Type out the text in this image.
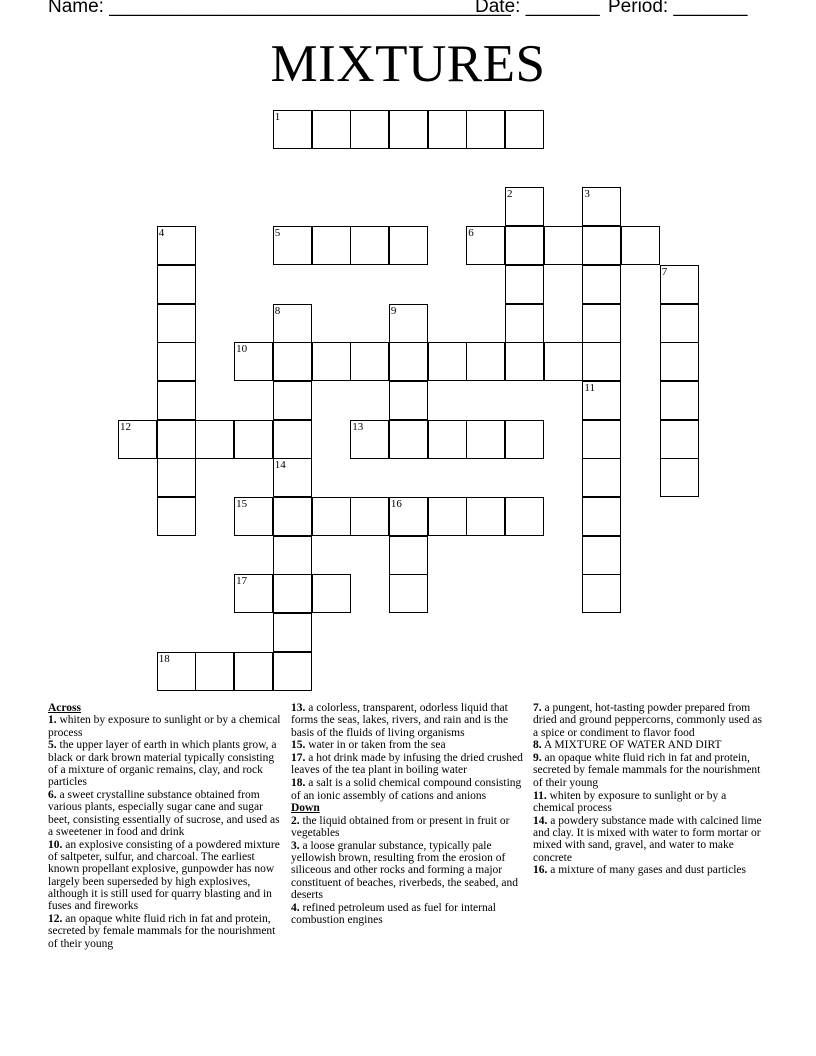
Name: ______________________________________
Date: _______ Period: _______
MIXTURES
1
2	3
4	5	6
7
8	9
10
11
12	13
14
15	16
17
18
Across
1. whiten by exposure to sunlight or by a chemical process
5. the upper layer of earth in which plants grow, a black or dark brown material typically consisting of a mixture of organic remains, clay, and rock particles
6. a sweet crystalline substance obtained from various plants, especially sugar cane and sugar beet, consisting essentially of sucrose, and used as a sweetener in food and drink
10. an explosive consisting of a powdered mixture of saltpeter, sulfur, and charcoal. The earliest known propellant explosive, gunpowder has now largely been superseded by high explosives, although it is still used for quarry blasting and in fuses and fireworks
12. an opaque white fluid rich in fat and protein, secreted by female mammals for the nourishment of their young
13. a colorless, transparent, odorless liquid that forms the seas, lakes, rivers, and rain and is the basis of the fluids of living organisms
15. water in or taken from the sea
17. a hot drink made by infusing the dried crushed leaves of the tea plant in boiling water
18. a salt is a solid chemical compound consisting of an ionic assembly of cations and anions
Down
2. the liquid obtained from or present in fruit or vegetables
3. a loose granular substance, typically pale yellowish brown, resulting from the erosion of siliceous and other rocks and forming a major constituent of beaches, riverbeds, the seabed, and deserts
4. refined petroleum used as fuel for internal combustion engines
7. a pungent, hot-tasting powder prepared from dried and ground peppercorns, commonly used as a spice or condiment to flavor food
8. A MIXTURE OF WATER AND DIRT
9. an opaque white fluid rich in fat and protein, secreted by female mammals for the nourishment of their young
11. whiten by exposure to sunlight or by a chemical process
14. a powdery substance made with calcined lime and clay. It is mixed with water to form mortar or mixed with sand, gravel, and water to make concrete
16. a mixture of many gases and dust particles
